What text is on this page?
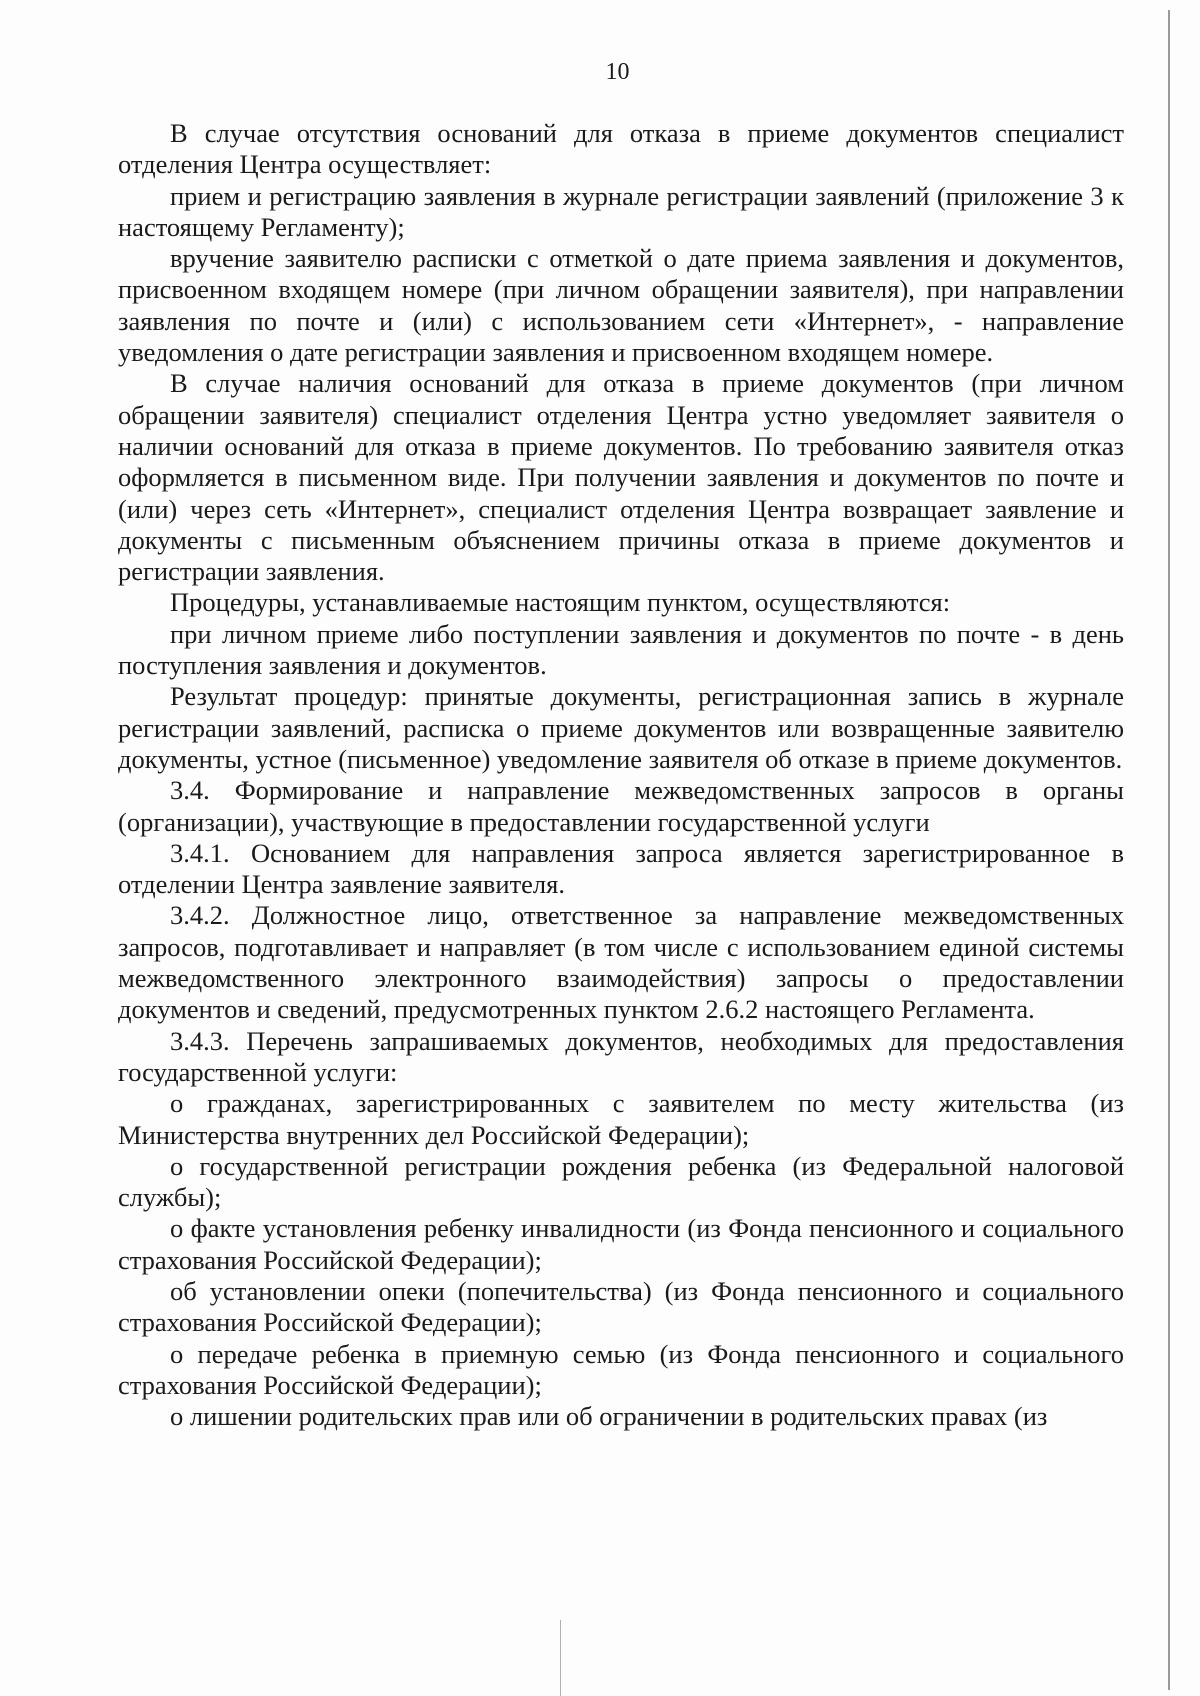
10

В случае отсутствия оснований для отказа в приеме документов специалист отделения Центра осуществляет:

прием и регистрацию заявления в журнале регистрации заявлений (приложение 3 к настоящему Регламенту);

вручение заявителю расписки с отметкой о дате приема заявления и документов, присвоенном входящем номере (при личном обращении заявителя), при направлении заявления по почте и (или) с использованием сети «Интернет», - направление уведомления о дате регистрации заявления и присвоенном входящем номере.

В случае наличия оснований для отказа в приеме документов (при личном обращении заявителя) специалист отделения Центра устно уведомляет заявителя о наличии оснований для отказа в приеме документов. По требованию заявителя отказ оформляется в письменном виде. При получении заявления и документов по почте и (или) через сеть «Интернет», специалист отделения Центра возвращает заявление и документы с письменным объяснением причины отказа в приеме документов и регистрации заявления.

Процедуры, устанавливаемые настоящим пунктом, осуществляются:

при личном приеме либо поступлении заявления и документов по почте - в день поступления заявления и документов.

Результат процедур: принятые документы, регистрационная запись в журнале регистрации заявлений, расписка о приеме документов или возвращенные заявителю документы, устное (письменное) уведомление заявителя об отказе в приеме документов.

3.4. Формирование и направление межведомственных запросов в органы (организации), участвующие в предоставлении государственной услуги

3.4.1. Основанием для направления запроса является зарегистрированное в отделении Центра заявление заявителя.

3.4.2. Должностное лицо, ответственное за направление межведомственных запросов, подготавливает и направляет (в том числе с использованием единой системы межведомственного электронного взаимодействия) запросы о предоставлении документов и сведений, предусмотренных пунктом 2.6.2 настоящего Регламента.

3.4.3. Перечень запрашиваемых документов, необходимых для предоставления государственной услуги:

о гражданах, зарегистрированных с заявителем по месту жительства (из Министерства внутренних дел Российской Федерации);

о государственной регистрации рождения ребенка (из Федеральной налоговой службы);

о факте установления ребенку инвалидности (из Фонда пенсионного и социального страхования Российской Федерации);

об установлении опеки (попечительства) (из Фонда пенсионного и социального страхования Российской Федерации);

о передаче ребенка в приемную семью (из Фонда пенсионного и социального страхования Российской Федерации);

о лишении родительских прав или об ограничении в родительских правах (из
